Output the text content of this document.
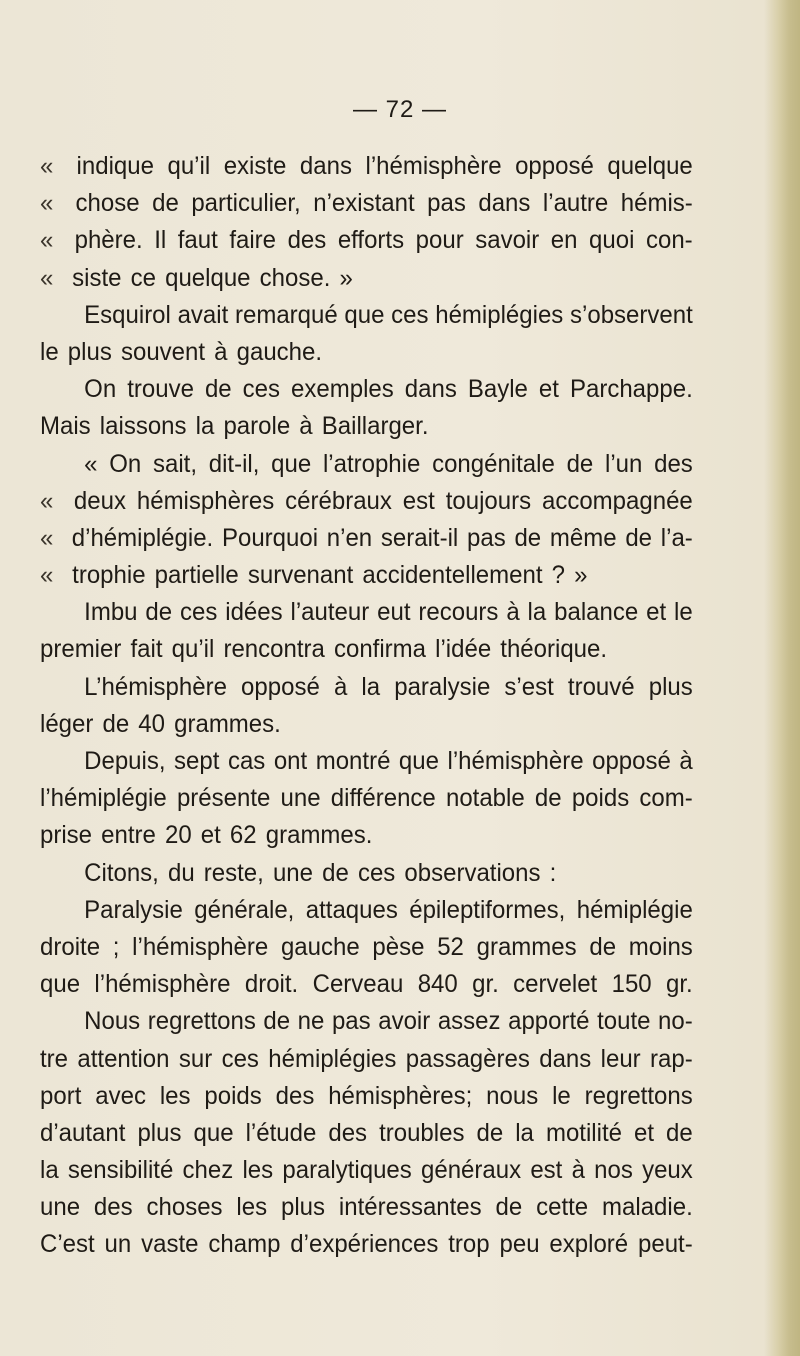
— 72 —
« indique qu’il existe dans l’hémisphère opposé quelque
« chose de particulier, n’existant pas dans l’autre hémis-
« phère. Il faut faire des efforts pour savoir en quoi con-
« siste ce quelque chose. »
Esquirol avait remarqué que ces hémiplégies s’observent
le plus souvent à gauche.
On trouve de ces exemples dans Bayle et Parchappe.
Mais laissons la parole à Baillarger.
« On sait, dit-il, que l’atrophie congénitale de l’un des
« deux hémisphères cérébraux est toujours accompagnée
« d’hémiplégie. Pourquoi n’en serait-il pas de même de l’a-
« trophie partielle survenant accidentellement ? »
Imbu de ces idées l’auteur eut recours à la balance et le
premier fait qu’il rencontra confirma l’idée théorique.
L’hémisphère opposé à la paralysie s’est trouvé plus
léger de 40 grammes.
Depuis, sept cas ont montré que l’hémisphère opposé à
l’hémiplégie présente une différence notable de poids com-
prise entre 20 et 62 grammes.
Citons, du reste, une de ces observations :
Paralysie générale, attaques épileptiformes, hémiplégie
droite ; l’hémisphère gauche pèse 52 grammes de moins
que l’hémisphère droit. Cerveau 840 gr. cervelet 150 gr.
Nous regrettons de ne pas avoir assez apporté toute no-
tre attention sur ces hémiplégies passagères dans leur rap-
port avec les poids des hémisphères; nous le regrettons
d’autant plus que l’étude des troubles de la motilité et de
la sensibilité chez les paralytiques généraux est à nos yeux
une des choses les plus intéressantes de cette maladie.
C’est un vaste champ d’expériences trop peu exploré peut-
